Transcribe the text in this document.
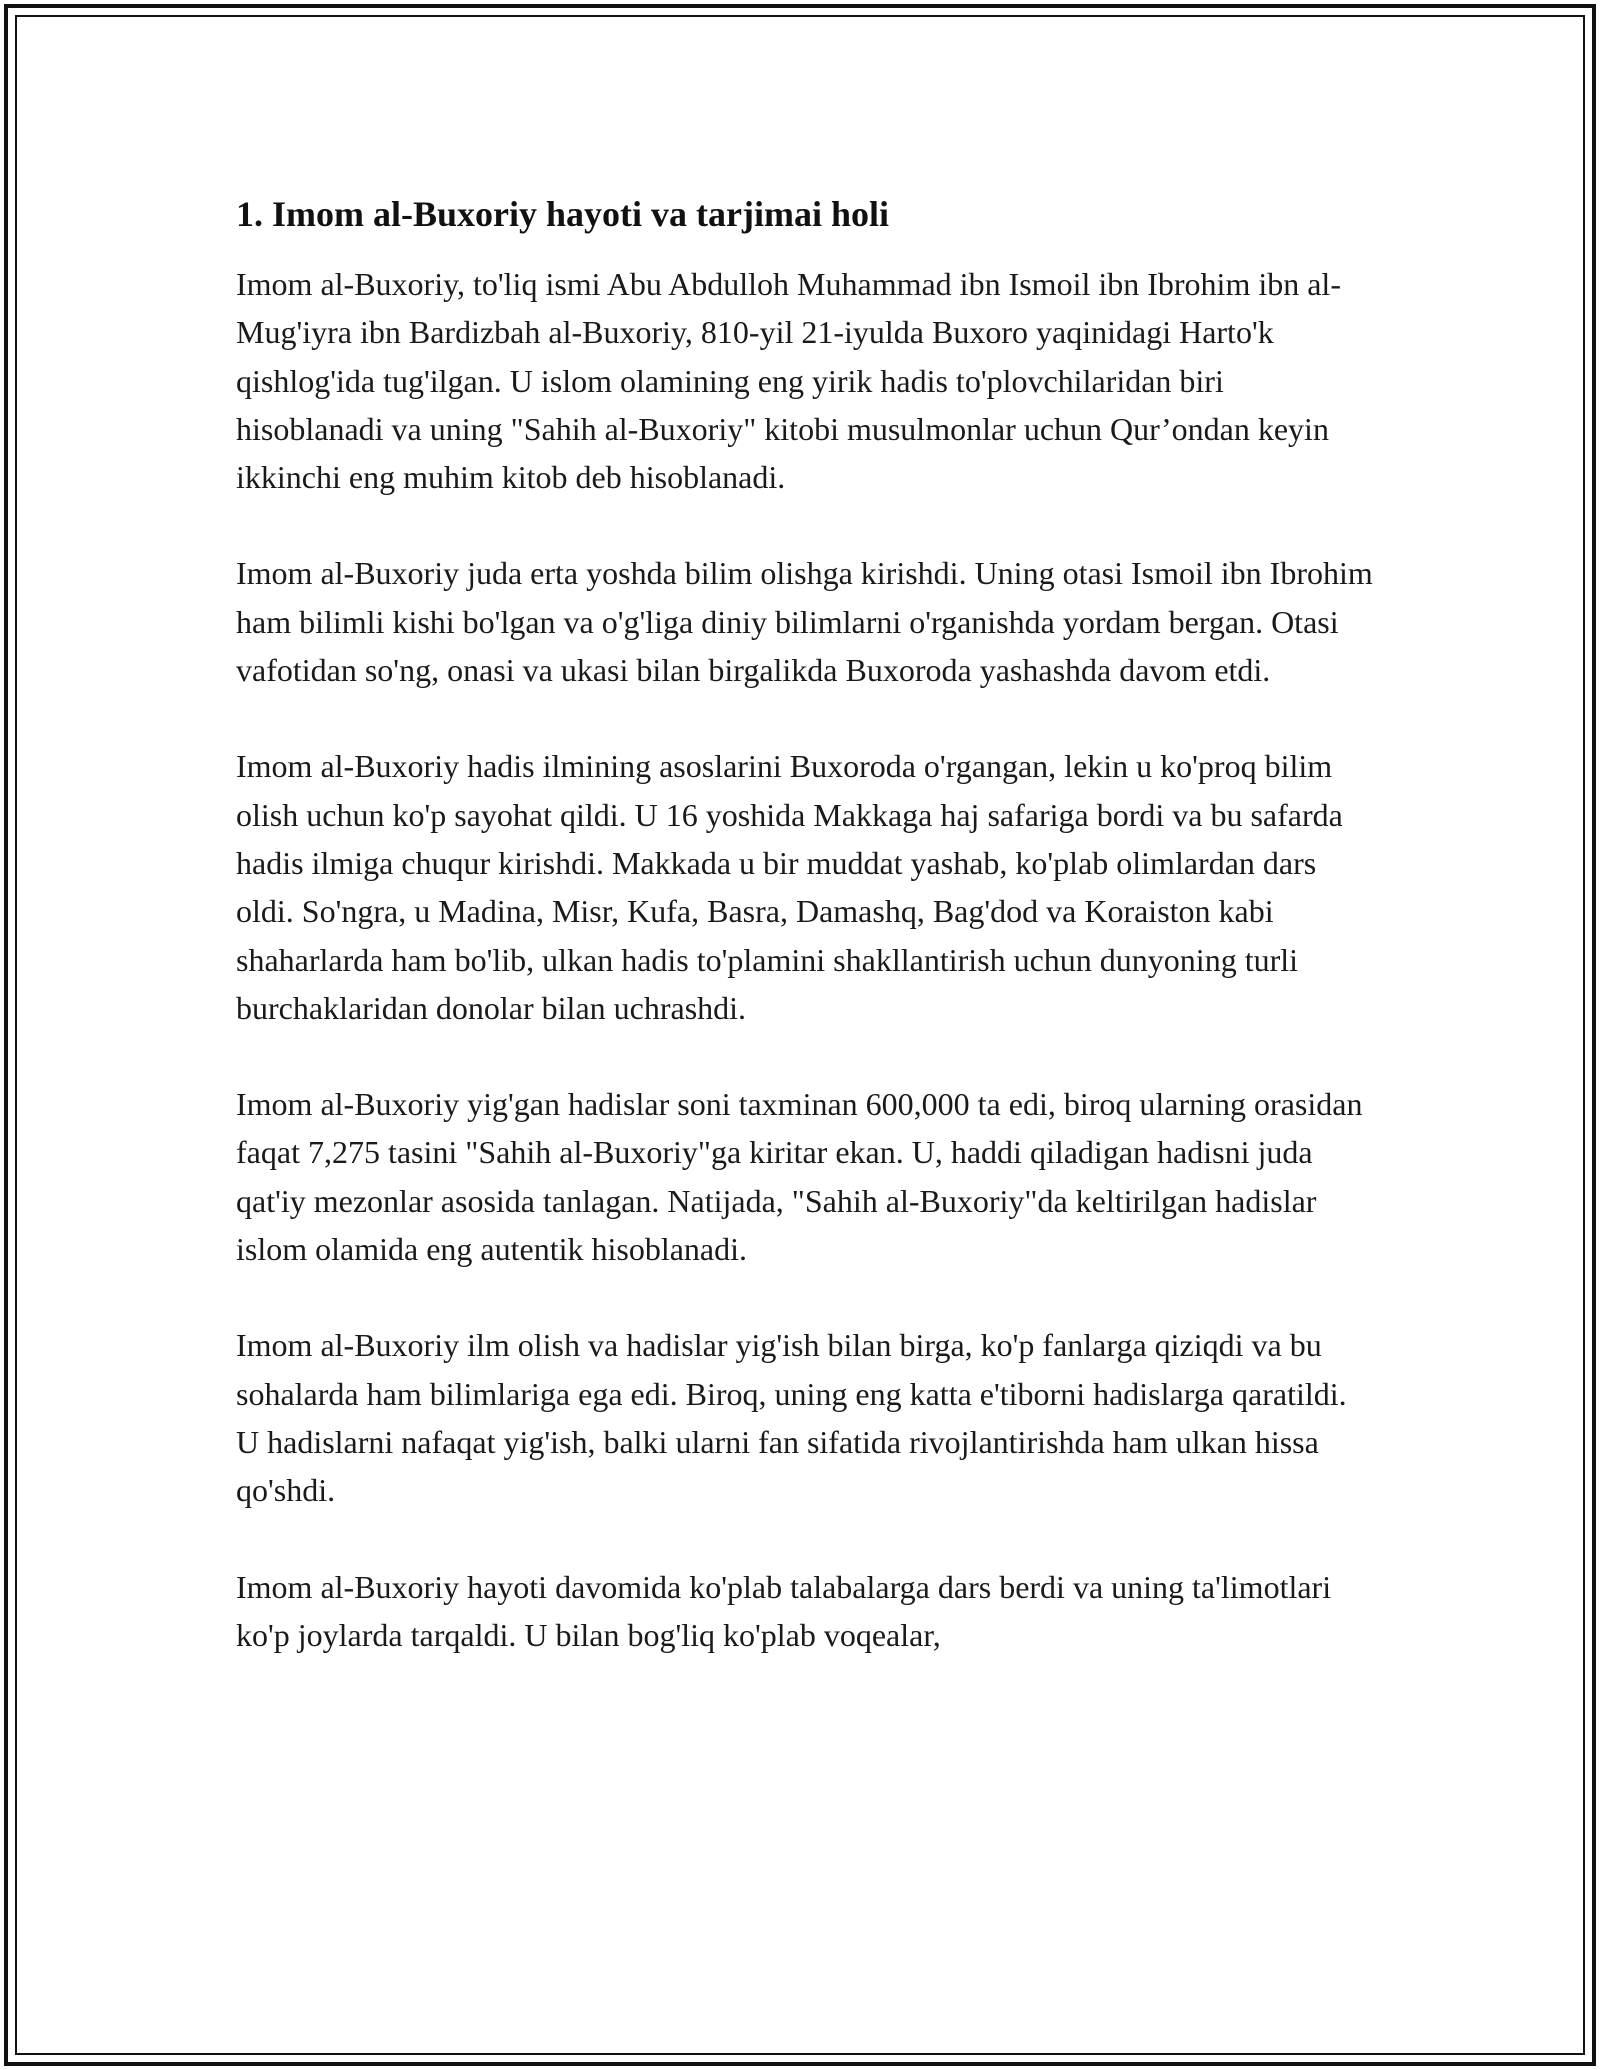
1. Imom al-Buxoriy hayoti va tarjimai holi

Imom al-Buxoriy, to'liq ismi Abu Abdulloh Muhammad ibn Ismoil ibn Ibrohim ibn al-Mug'iyra ibn Bardizbah al-Buxoriy, 810-yil 21-iyulda Buxoro yaqinidagi Harto'k qishlog'ida tug'ilgan. U islom olamining eng yirik hadis to'plovchilaridan biri hisoblanadi va uning "Sahih al-Buxoriy" kitobi musulmonlar uchun Qur’ondan keyin ikkinchi eng muhim kitob deb hisoblanadi.

Imom al-Buxoriy juda erta yoshda bilim olishga kirishdi. Uning otasi Ismoil ibn Ibrohim ham bilimli kishi bo'lgan va o'g'liga diniy bilimlarni o'rganishda yordam bergan. Otasi vafotidan so'ng, onasi va ukasi bilan birgalikda Buxoroda yashashda davom etdi.

Imom al-Buxoriy hadis ilmining asoslarini Buxoroda o'rgangan, lekin u ko'proq bilim olish uchun ko'p sayohat qildi. U 16 yoshida Makkaga haj safariga bordi va bu safarda hadis ilmiga chuqur kirishdi. Makkada u bir muddat yashab, ko'plab olimlardan dars oldi. So'ngra, u Madina, Misr, Kufa, Basra, Damashq, Bag'dod va Koraiston kabi shaharlarda ham bo'lib, ulkan hadis to'plamini shakllantirish uchun dunyoning turli burchaklaridan donolar bilan uchrashdi.

Imom al-Buxoriy yig'gan hadislar soni taxminan 600,000 ta edi, biroq ularning orasidan faqat 7,275 tasini "Sahih al-Buxoriy"ga kiritar ekan. U, haddi qiladigan hadisni juda qat'iy mezonlar asosida tanlagan. Natijada, "Sahih al-Buxoriy"da keltirilgan hadislar islom olamida eng autentik hisoblanadi.

Imom al-Buxoriy ilm olish va hadislar yig'ish bilan birga, ko'p fanlarga qiziqdi va bu sohalarda ham bilimlariga ega edi. Biroq, uning eng katta e'tiborni hadislarga qaratildi. U hadislarni nafaqat yig'ish, balki ularni fan sifatida rivojlantirishda ham ulkan hissa qo'shdi.

Imom al-Buxoriy hayoti davomida ko'plab talabalarga dars berdi va uning ta'limotlari ko'p joylarda tarqaldi. U bilan bog'liq ko'plab voqealar,
